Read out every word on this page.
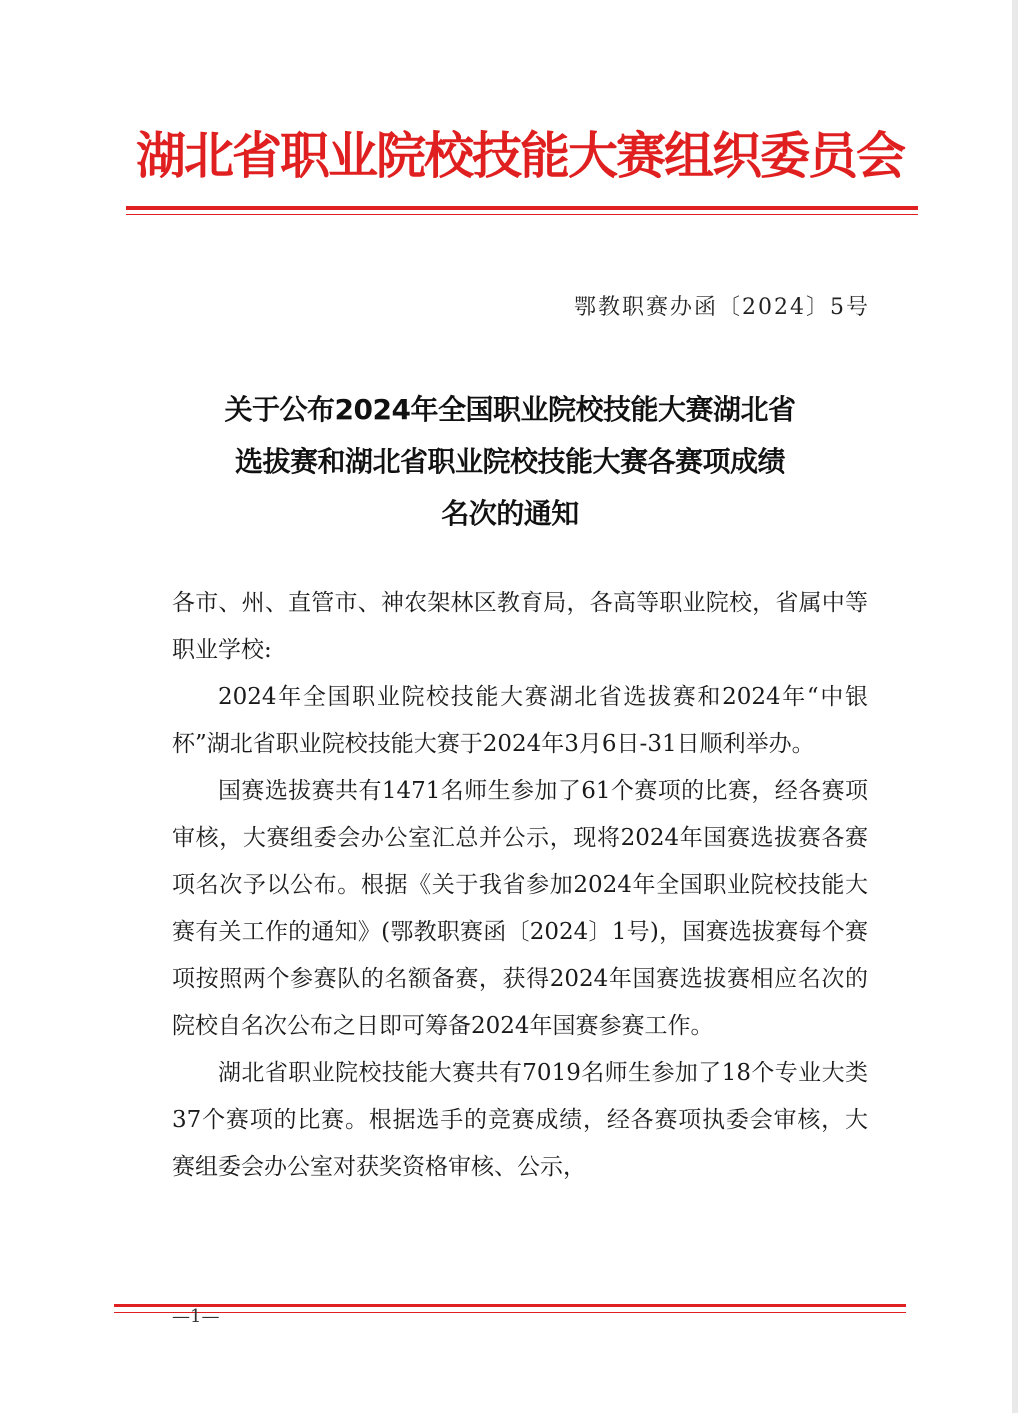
湖北省职业院校技能大赛组织委员会
鄂教职赛办函〔2024〕5号
关于公布2024年全国职业院校技能大赛湖北省
选拔赛和湖北省职业院校技能大赛各赛项成绩
名次的通知

各市、州、直管市、神农架林区教育局，各高等职业院校，省属中等职业学校:

2024年全国职业院校技能大赛湖北省选拔赛和2024年“中银杯”湖北省职业院校技能大赛于2024年3月6日-31日顺利举办。

国赛选拔赛共有1471名师生参加了61个赛项的比赛，经各赛项审核，大赛组委会办公室汇总并公示，现将2024年国赛选拔赛各赛项名次予以公布。根据《关于我省参加2024年全国职业院校技能大赛有关工作的通知》(鄂教职赛函〔2024〕1号)，国赛选拔赛每个赛项按照两个参赛队的名额备赛，获得2024年国赛选拔赛相应名次的院校自名次公布之日即可筹备2024年国赛参赛工作。

湖北省职业院校技能大赛共有7019名师生参加了18个专业大类37个赛项的比赛。根据选手的竞赛成绩，经各赛项执委会审核，大赛组委会办公室对获奖资格审核、公示，

—1—
